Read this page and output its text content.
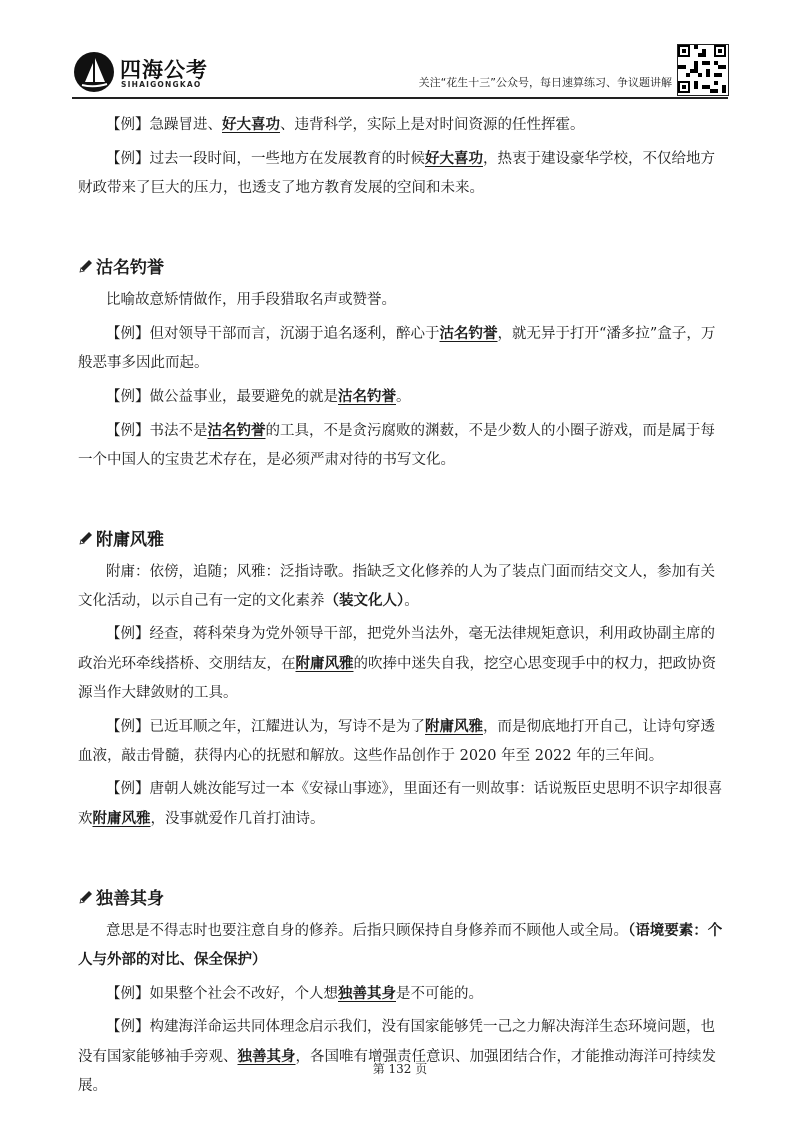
四海公考
SIHAIGONGKAO	关注“花生十三”公众号，每日速算练习、争议题讲解

【例】急躁冒进、好大喜功、违背科学，实际上是对时间资源的任性挥霍。

【例】过去一段时间，一些地方在发展教育的时候好大喜功，热衷于建设豪华学校，不仅给地方财政带来了巨大的压力，也透支了地方教育发展的空间和未来。

沽名钓誉

比喻故意矫情做作，用手段猎取名声或赞誉。

【例】但对领导干部而言，沉溺于追名逐利，醉心于沽名钓誉，就无异于打开“潘多拉”盒子，万般恶事多因此而起。

【例】做公益事业，最要避免的就是沽名钓誉。

【例】书法不是沽名钓誉的工具，不是贪污腐败的渊薮，不是少数人的小圈子游戏，而是属于每一个中国人的宝贵艺术存在，是必须严肃对待的书写文化。

附庸风雅

附庸：依傍，追随；风雅：泛指诗歌。指缺乏文化修养的人为了装点门面而结交文人，参加有关文化活动，以示自己有一定的文化素养（装文化人）。

【例】经查，蒋科荣身为党外领导干部，把党外当法外，毫无法律规矩意识，利用政协副主席的政治光环牵线搭桥、交朋结友，在附庸风雅的吹捧中迷失自我，挖空心思变现手中的权力，把政协资源当作大肆敛财的工具。

【例】已近耳顺之年，江耀进认为，写诗不是为了附庸风雅，而是彻底地打开自己，让诗句穿透血液，敲击骨髓，获得内心的抚慰和解放。这些作品创作于 2020 年至 2022 年的三年间。

【例】唐朝人姚汝能写过一本《安禄山事迹》，里面还有一则故事：话说叛臣史思明不识字却很喜欢附庸风雅，没事就爱作几首打油诗。

独善其身

意思是不得志时也要注意自身的修养。后指只顾保持自身修养而不顾他人或全局。（语境要素：个人与外部的对比、保全保护）

【例】如果整个社会不改好，个人想独善其身是不可能的。

【例】构建海洋命运共同体理念启示我们，没有国家能够凭一己之力解决海洋生态环境问题，也没有国家能够袖手旁观、独善其身，各国唯有增强责任意识、加强团结合作，才能推动海洋可持续发展。

第 132 页
